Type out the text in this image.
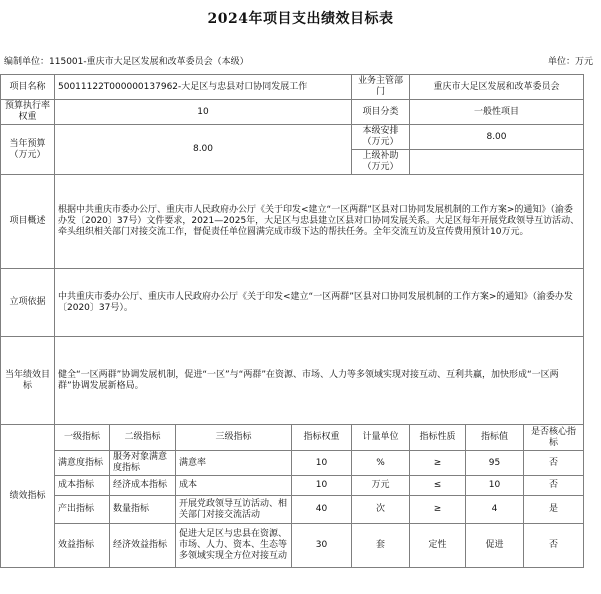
2024年项目支出绩效目标表
编制单位：115001-重庆市大足区发展和改革委员会（本级）	单位：万元
项目名称	50011122T000000137962-大足区与忠县对口协同发展工作				业务主管部门	重庆市大足区发展和改革委员会		
预算执行率权重	10				项目分类	一般性项目		
当年预算（万元）	8.00				本级安排（万元）	8.00		
					上级补助（万元）			
项目概述	根据中共重庆市委办公厅、重庆市人民政府办公厅《关于印发<建立“一区两群”区县对口协同发展机制的工作方案>的通知》（渝委办发〔2020〕37号）文件要求，2021—2025年，大足区与忠县建立区县对口协同发展关系。大足区每年开展党政领导互访活动、牵头组织相关部门对接交流工作，督促责任单位圆满完成市级下达的帮扶任务。全年交流互访及宣传费用预计10万元。							
立项依据	中共重庆市委办公厅、重庆市人民政府办公厅《关于印发<建立“一区两群”区县对口协同发展机制的工作方案>的通知》（渝委办发〔2020〕37号）。							
当年绩效目标	健全“一区两群”协调发展机制，促进“一区”与“两群”在资源、市场、人力等多领域实现对接互动、互利共赢，加快形成“一区两群”协调发展新格局。							
绩效指标	一级指标	二级指标	三级指标	指标权重	计量单位	指标性质	指标值	是否核心指标
	满意度指标	服务对象满意度指标	满意率	10	%	≥	95	否
	成本指标	经济成本指标	成本	10	万元	≤	10	否
	产出指标	数量指标	开展党政领导互访活动、相关部门对接交流活动	40	次	≥	4	是
	效益指标	经济效益指标	促进大足区与忠县在资源、市场、人力、资本、生态等多领域实现全方位对接互动	30	套	定性	促进	否
